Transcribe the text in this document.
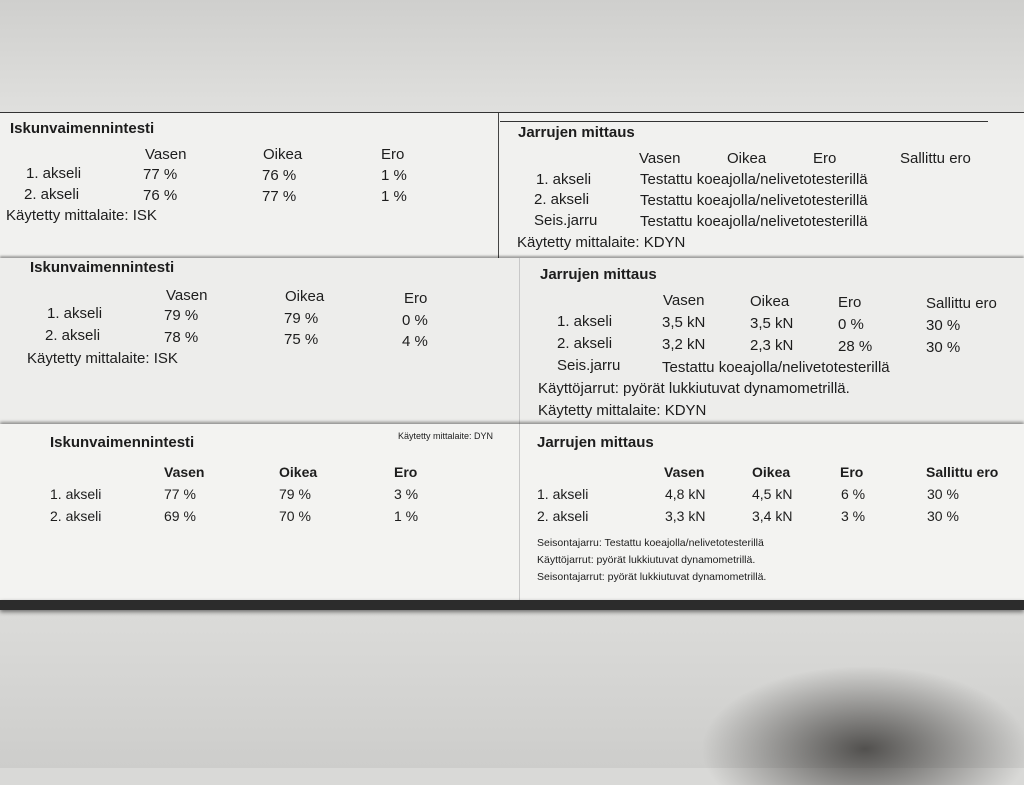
Iskunvaimennintesti
Vasen	Oikea	Ero
1. akseli	77 %	76 %	1 %
2. akseli	76 %	77 %	1 %
Käytetty mittalaite: ISK
Jarrujen mittaus
Vasen	Oikea	Ero	Sallittu ero
1. akseli	Testattu koeajolla/nelivetotesterillä
2. akseli	Testattu koeajolla/nelivetotesterillä
Seis.jarru	Testattu koeajolla/nelivetotesterillä
Käytetty mittalaite: KDYN
Iskunvaimennintesti
Vasen	Oikea	Ero
1. akseli	79 %	79 %	0 %
2. akseli	78 %	75 %	4 %
Käytetty mittalaite: ISK
Jarrujen mittaus
Vasen	Oikea	Ero	Sallittu ero
1. akseli	3,5 kN	3,5 kN	0 %	30 %
2. akseli	3,2 kN	2,3 kN	28 %	30 %
Seis.jarru	Testattu koeajolla/nelivetotesterillä
Käyttöjarrut: pyörät lukkiutuvat dynamometrillä.
Käytetty mittalaite: KDYN
Iskunvaimennintesti	Käytetty mittalaite: DYN
Vasen	Oikea	Ero
1. akseli	77 %	79 %	3 %
2. akseli	69 %	70 %	1 %
Jarrujen mittaus
Vasen	Oikea	Ero	Sallittu ero
1. akseli	4,8 kN	4,5 kN	6 %	30 %
2. akseli	3,3 kN	3,4 kN	3 %	30 %
Seisontajarru: Testattu koeajolla/nelivetotesterillä
Käyttöjarrut: pyörät lukkiutuvat dynamometrillä.
Seisontajarrut: pyörät lukkiutuvat dynamometrillä.
